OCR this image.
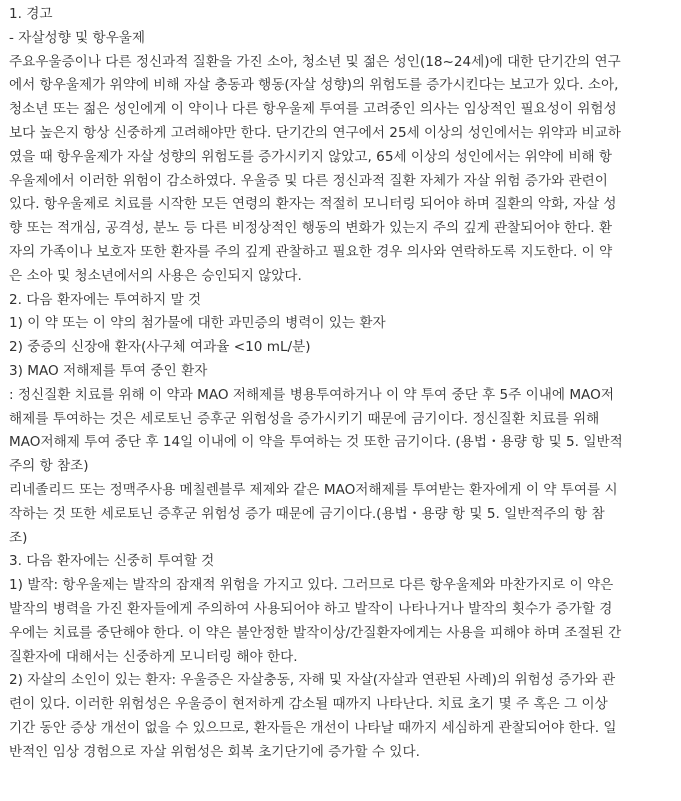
1. 경고
- 자살성향 및 항우울제
주요우울증이나 다른 정신과적 질환을 가진 소아, 청소년 및 젊은 성인(18~24세)에 대한 단기간의 연구
에서 항우울제가 위약에 비해 자살 충동과 행동(자살 성향)의 위험도를 증가시킨다는 보고가 있다. 소아,
청소년 또는 젊은 성인에게 이 약이나 다른 항우울제 투여를 고려중인 의사는 임상적인 필요성이 위험성
보다 높은지 항상 신중하게 고려해야만 한다. 단기간의 연구에서 25세 이상의 성인에서는 위약과 비교하
였을 때 항우울제가 자살 성향의 위험도를 증가시키지 않았고, 65세 이상의 성인에서는 위약에 비해 항
우울제에서 이러한 위험이 감소하였다. 우울증 및 다른 정신과적 질환 자체가 자살 위험 증가와 관련이
있다. 항우울제로 치료를 시작한 모든 연령의 환자는 적절히 모니터링 되어야 하며 질환의 악화, 자살 성
향 또는 적개심, 공격성, 분노 등 다른 비정상적인 행동의 변화가 있는지 주의 깊게 관찰되어야 한다. 환
자의 가족이나 보호자 또한 환자를 주의 깊게 관찰하고 필요한 경우 의사와 연락하도록 지도한다. 이 약
은 소아 및 청소년에서의 사용은 승인되지 않았다.
2. 다음 환자에는 투여하지 말 것
1) 이 약 또는 이 약의 첨가물에 대한 과민증의 병력이 있는 환자
2) 중증의 신장애 환자(사구체 여과율 <10 mL/분)
3) MAO 저해제를 투여 중인 환자
: 정신질환 치료를 위해 이 약과 MAO 저해제를 병용투여하거나 이 약 투여 중단 후 5주 이내에 MAO저
해제를 투여하는 것은 세로토닌 증후군 위험성을 증가시키기 때문에 금기이다. 정신질환 치료를 위해
MAO저해제 투여 중단 후 14일 이내에 이 약을 투여하는 것 또한 금기이다. (용법・용량 항 및 5. 일반적
주의 항 참조)
리네졸리드 또는 정맥주사용 메칠렌블루 제제와 같은 MAO저해제를 투여받는 환자에게 이 약 투여를 시
작하는 것 또한 세로토닌 증후군 위험성 증가 때문에 금기이다.(용법・용량 항 및 5. 일반적주의 항 참
조)
3. 다음 환자에는 신중히 투여할 것
1) 발작: 항우울제는 발작의 잠재적 위험을 가지고 있다. 그러므로 다른 항우울제와 마찬가지로 이 약은
발작의 병력을 가진 환자들에게 주의하여 사용되어야 하고 발작이 나타나거나 발작의 횟수가 증가할 경
우에는 치료를 중단해야 한다. 이 약은 불안정한 발작이상/간질환자에게는 사용을 피해야 하며 조절된 간
질환자에 대해서는 신중하게 모니터링 해야 한다.
2) 자살의 소인이 있는 환자: 우울증은 자살충동, 자해 및 자살(자살과 연관된 사례)의 위험성 증가와 관
련이 있다. 이러한 위험성은 우울증이 현저하게 감소될 때까지 나타난다. 치료 초기 몇 주 혹은 그 이상
기간 동안 증상 개선이 없을 수 있으므로, 환자들은 개선이 나타날 때까지 세심하게 관찰되어야 한다. 일
반적인 임상 경험으로 자살 위험성은 회복 초기단기에 증가할 수 있다.
